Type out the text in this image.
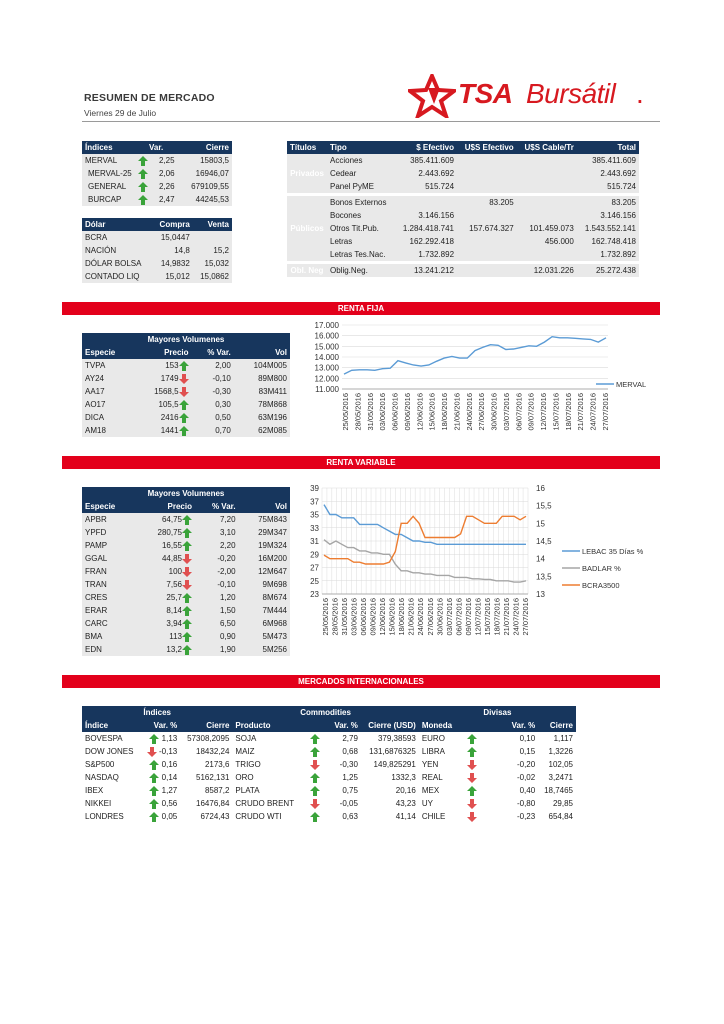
RESUMEN DE MERCADO
Viernes 29 de Julio
TSA Bursátil .
Índices	Var.		Cierre
MERVAL		2,25	15803,5
MERVAL-25		2,06	16946,07
GENERAL		2,26	679109,55
BURCAP		2,47	44245,53
Dólar	Compra	Venta
BCRA	15,0447	
NACIÓN	14,8	15,2
DÓLAR BOLSA	14,9832	15,032
CONTADO LIQ	15,012	15,0862
Títulos	Tipo	$ Efectivo	U$S Efectivo	U$S Cable/Tr	Total
Privados	Acciones	385.411.609			385.411.609
	Cedear	2.443.692			2.443.692
	Panel PyME	515.724			515.724

Públicos	Bonos Externos		83.205		83.205
	Bocones	3.146.156			3.146.156
	Otros Tit.Pub.	1.284.418.741	157.674.327	101.459.073	1.543.552.141
	Letras	162.292.418		456.000	162.748.418
	Letras Tes.Nac.	1.732.892			1.732.892

Obl. Neg	Oblig.Neg.	13.241.212		12.031.226	25.272.438
RENTA FIJA
Mayores Volumenes			
Especie	Precio	% Var.	Vol
TVPA	153	2,00	104M005
AY24	1749	-0,10	89M800
AA17	1568,5	-0,30	83M411
AO17	105,5	0,30	78M868
DICA	2416	0,50	63M196
AM18	1441	0,70	62M085
17.000
16.000
15.000
14.000
13.000
12.000
11.000
25/05/2016 28/05/2016 31/05/2016 03/06/2016 06/06/2016 09/06/2016 12/06/2016 15/06/2016 18/06/2016 21/06/2016 24/06/2016 27/06/2016 30/06/2016 03/07/2016 06/07/2016 09/07/2016 12/07/2016 15/07/2016 18/07/2016 21/07/2016 24/07/2016 27/07/2016
MERVAL
RENTA VARIABLE
Mayores Volumenes			
Especie	Precio	% Var.	Vol
APBR	64,75	7,20	75M843
YPFD	280,75	3,10	29M347
PAMP	16,55	2,20	19M324
GGAL	44,85	-0,20	16M200
FRAN	100	-2,00	12M647
TRAN	7,56	-0,10	9M698
CRES	25,7	1,20	8M674
ERAR	8,14	1,50	7M444
CARC	3,94	6,50	6M968
BMA	113	0,90	5M473
EDN	13,2	1,90	5M256
39
37
35
33
31
29
27
25
23
16
15,5
15
14,5
14
13,5
13
25/05/2016 28/05/2016 31/05/2016 03/06/2016 06/06/2016 09/06/2016 12/06/2016 15/06/2016 18/06/2016 21/06/2016 24/06/2016 27/06/2016 30/06/2016 03/07/2016 06/07/2016 09/07/2016 12/07/2016 15/07/2016 18/07/2016 21/07/2016 24/07/2016 27/07/2016
LEBAC 35 Días %
BADLAR %
BCRA3500
MERCADOS INTERNACIONALES
Índices			Commodities			Divisas		
Índice	Var. %	Cierre	Producto	Var. %	Cierre (USD)	Moneda	Var. %	Cierre
BOVESPA	1,13	57308,2095	SOJA	2,79	379,38593	EURO	0,10	1,117
DOW JONES	-0,13	18432,24	MAIZ	0,68	131,6876325	LIBRA	0,15	1,3226
S&P500	0,16	2173,6	TRIGO	-0,30	149,825291	YEN	-0,20	102,05
NASDAQ	0,14	5162,131	ORO	1,25	1332,3	REAL	-0,02	3,2471
IBEX	1,27	8587,2	PLATA	0,75	20,16	MEX	0,40	18,7465
NIKKEI	0,56	16476,84	CRUDO BRENT	-0,05	43,23	UY	-0,80	29,85
LONDRES	0,05	6724,43	CRUDO WTI	0,63	41,14	CHILE	-0,23	654,84
